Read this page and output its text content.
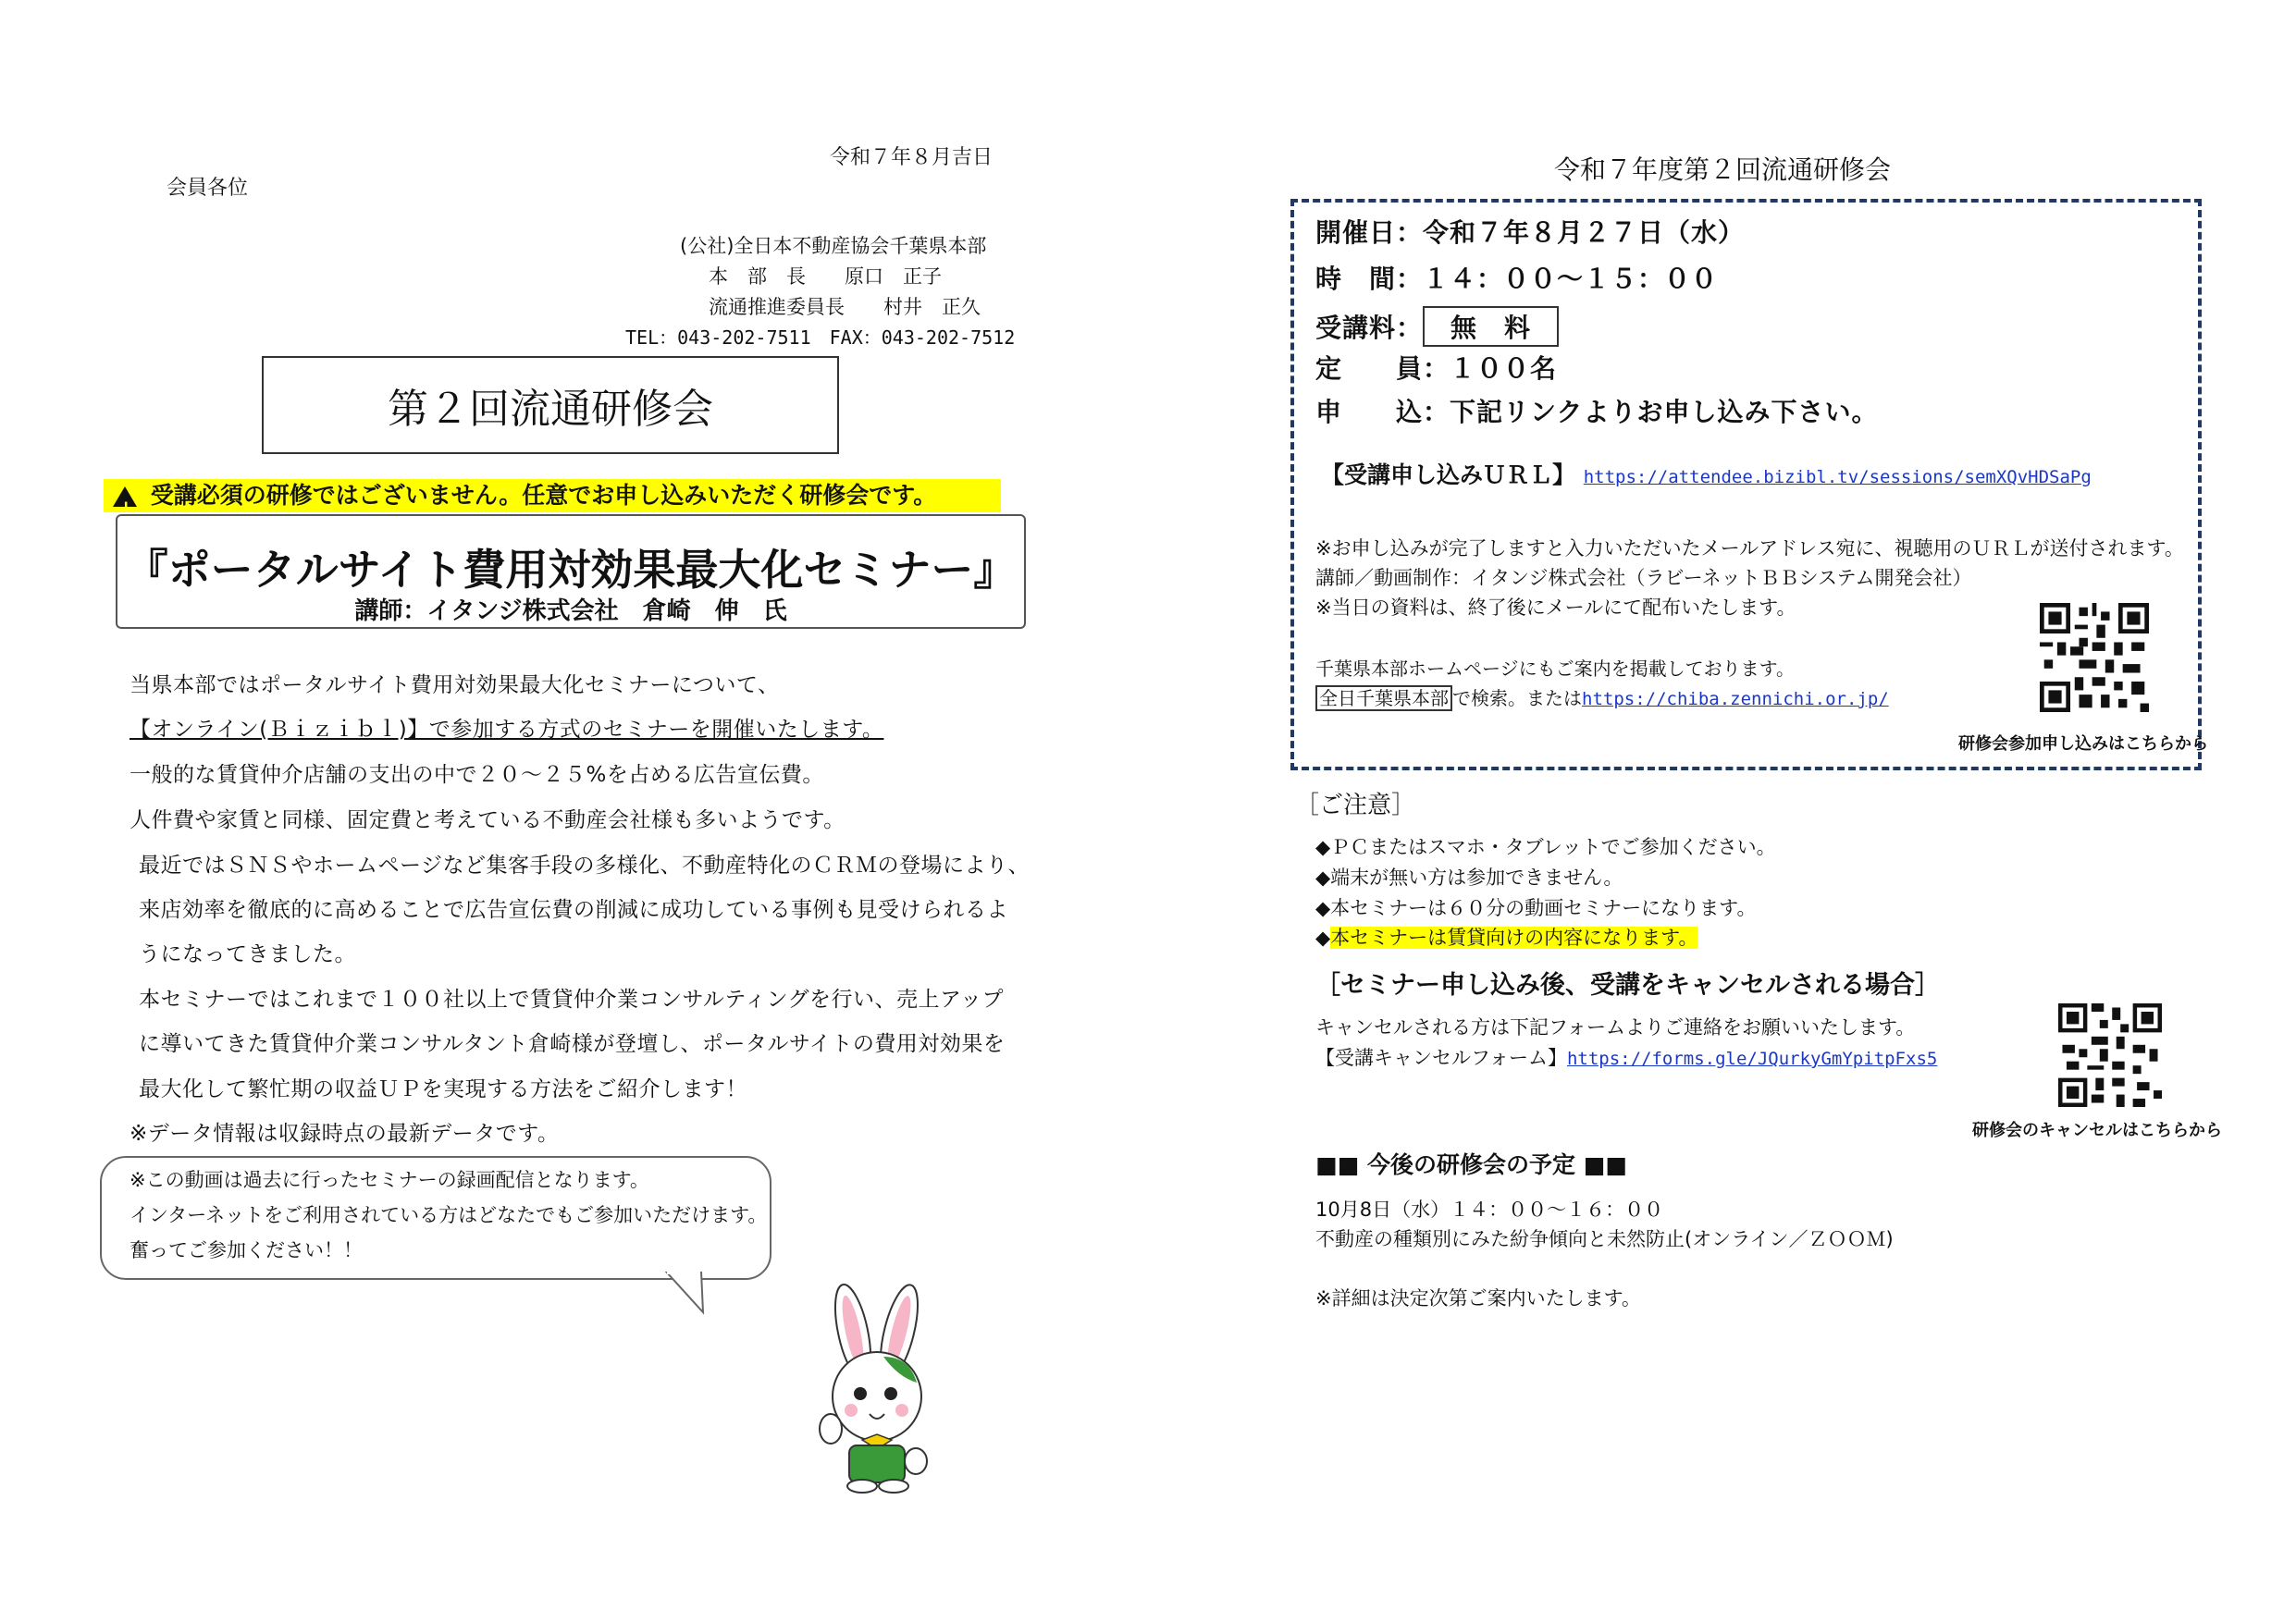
令和７年８月吉日
会員各位
(公社)全日本不動産協会千葉県本部
本　部　長　　原口　正子
流通推進委員長　　村井　正久
TEL：043-202-7511　FAX：043-202-7512
第２回流通研修会
! 受講必須の研修ではございません。任意でお申し込みいただく研修会です。
『ポータルサイト費用対効果最大化セミナー』
講師：イタンジ株式会社　倉崎　伸　氏
当県本部ではポータルサイト費用対効果最大化セミナーについて、
【オンライン(Ｂｉｚｉｂｌ)】で参加する方式のセミナーを開催いたします。
一般的な賃貸仲介店舗の支出の中で２０～２５%を占める広告宣伝費。
人件費や家賃と同様、固定費と考えている不動産会社様も多いようです。
最近ではＳＮＳやホームページなど集客手段の多様化、不動産特化のＣＲＭの登場により、
来店効率を徹底的に高めることで広告宣伝費の削減に成功している事例も見受けられるよ
うになってきました。
本セミナーではこれまで１００社以上で賃貸仲介業コンサルティングを行い、売上アップ
に導いてきた賃貸仲介業コンサルタント倉崎様が登壇し、ポータルサイトの費用対効果を
最大化して繁忙期の収益ＵＰを実現する方法をご紹介します！
※データ情報は収録時点の最新データです。
※この動画は過去に行ったセミナーの録画配信となります。
インターネットをご利用されている方はどなたでもご参加いただけます。
奮ってご参加ください！！
令和７年度第２回流通研修会
開催日：令和７年８月２７日（水）
時　間：１４：００～１５：００
受講料： 無　料
定　　員：１００名
申　　込：下記リンクよりお申し込み下さい。
【受講申し込みＵＲＬ】 https://attendee.bizibl.tv/sessions/semXQvHDSaPg
※お申し込みが完了しますと入力いただいたメールアドレス宛に、視聴用のＵＲＬが送付されます。
講師／動画制作：イタンジ株式会社（ラビーネットＢＢシステム開発会社）
※当日の資料は、終了後にメールにて配布いたします。
千葉県本部ホームページにもご案内を掲載しております。
全日千葉県本部 で検索。またはhttps://chiba.zennichi.or.jp/
研修会参加申し込みはこちらから
［ご注意］
◆ＰＣまたはスマホ・タブレットでご参加ください。
◆端末が無い方は参加できません。
◆本セミナーは６０分の動画セミナーになります。
◆本セミナーは賃貸向けの内容になります。
［セミナー申し込み後、受講をキャンセルされる場合］
キャンセルされる方は下記フォームよりご連絡をお願いいたします。
【受講キャンセルフォーム】https://forms.gle/JQurkyGmYpitpFxs5
研修会のキャンセルはこちらから
■■ 今後の研修会の予定 ■■
10月8日（水）１４：００～１６：００
不動産の種類別にみた紛争傾向と未然防止(オンライン／ＺＯＯＭ)
※詳細は決定次第ご案内いたします。
